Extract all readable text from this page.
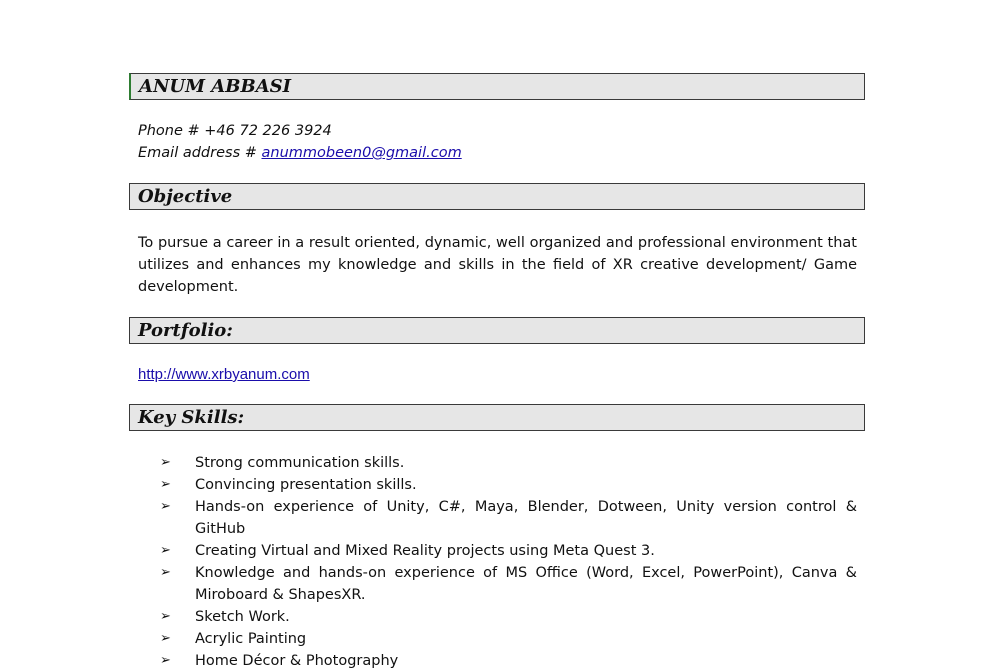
ANUM ABBASI
Phone # +46 72 226 3924
Email address # anummobeen0@gmail.com
Objective
To pursue a career in a result oriented, dynamic, well organized and professional environment that utilizes and enhances my knowledge and skills in the field of XR creative development/ Game development.
Portfolio:
http://www.xrbyanum.com
Key Skills:
➢	Strong communication skills.
➢	Convincing presentation skills.
➢	Hands-on experience of Unity, C#, Maya, Blender, Dotween, Unity version control & GitHub
➢	Creating Virtual and Mixed Reality projects using Meta Quest 3.
➢	Knowledge and hands-on experience of MS Office (Word, Excel, PowerPoint), Canva & Miroboard & ShapesXR.
➢	Sketch Work.
➢	Acrylic Painting
➢	Home Décor & Photography
